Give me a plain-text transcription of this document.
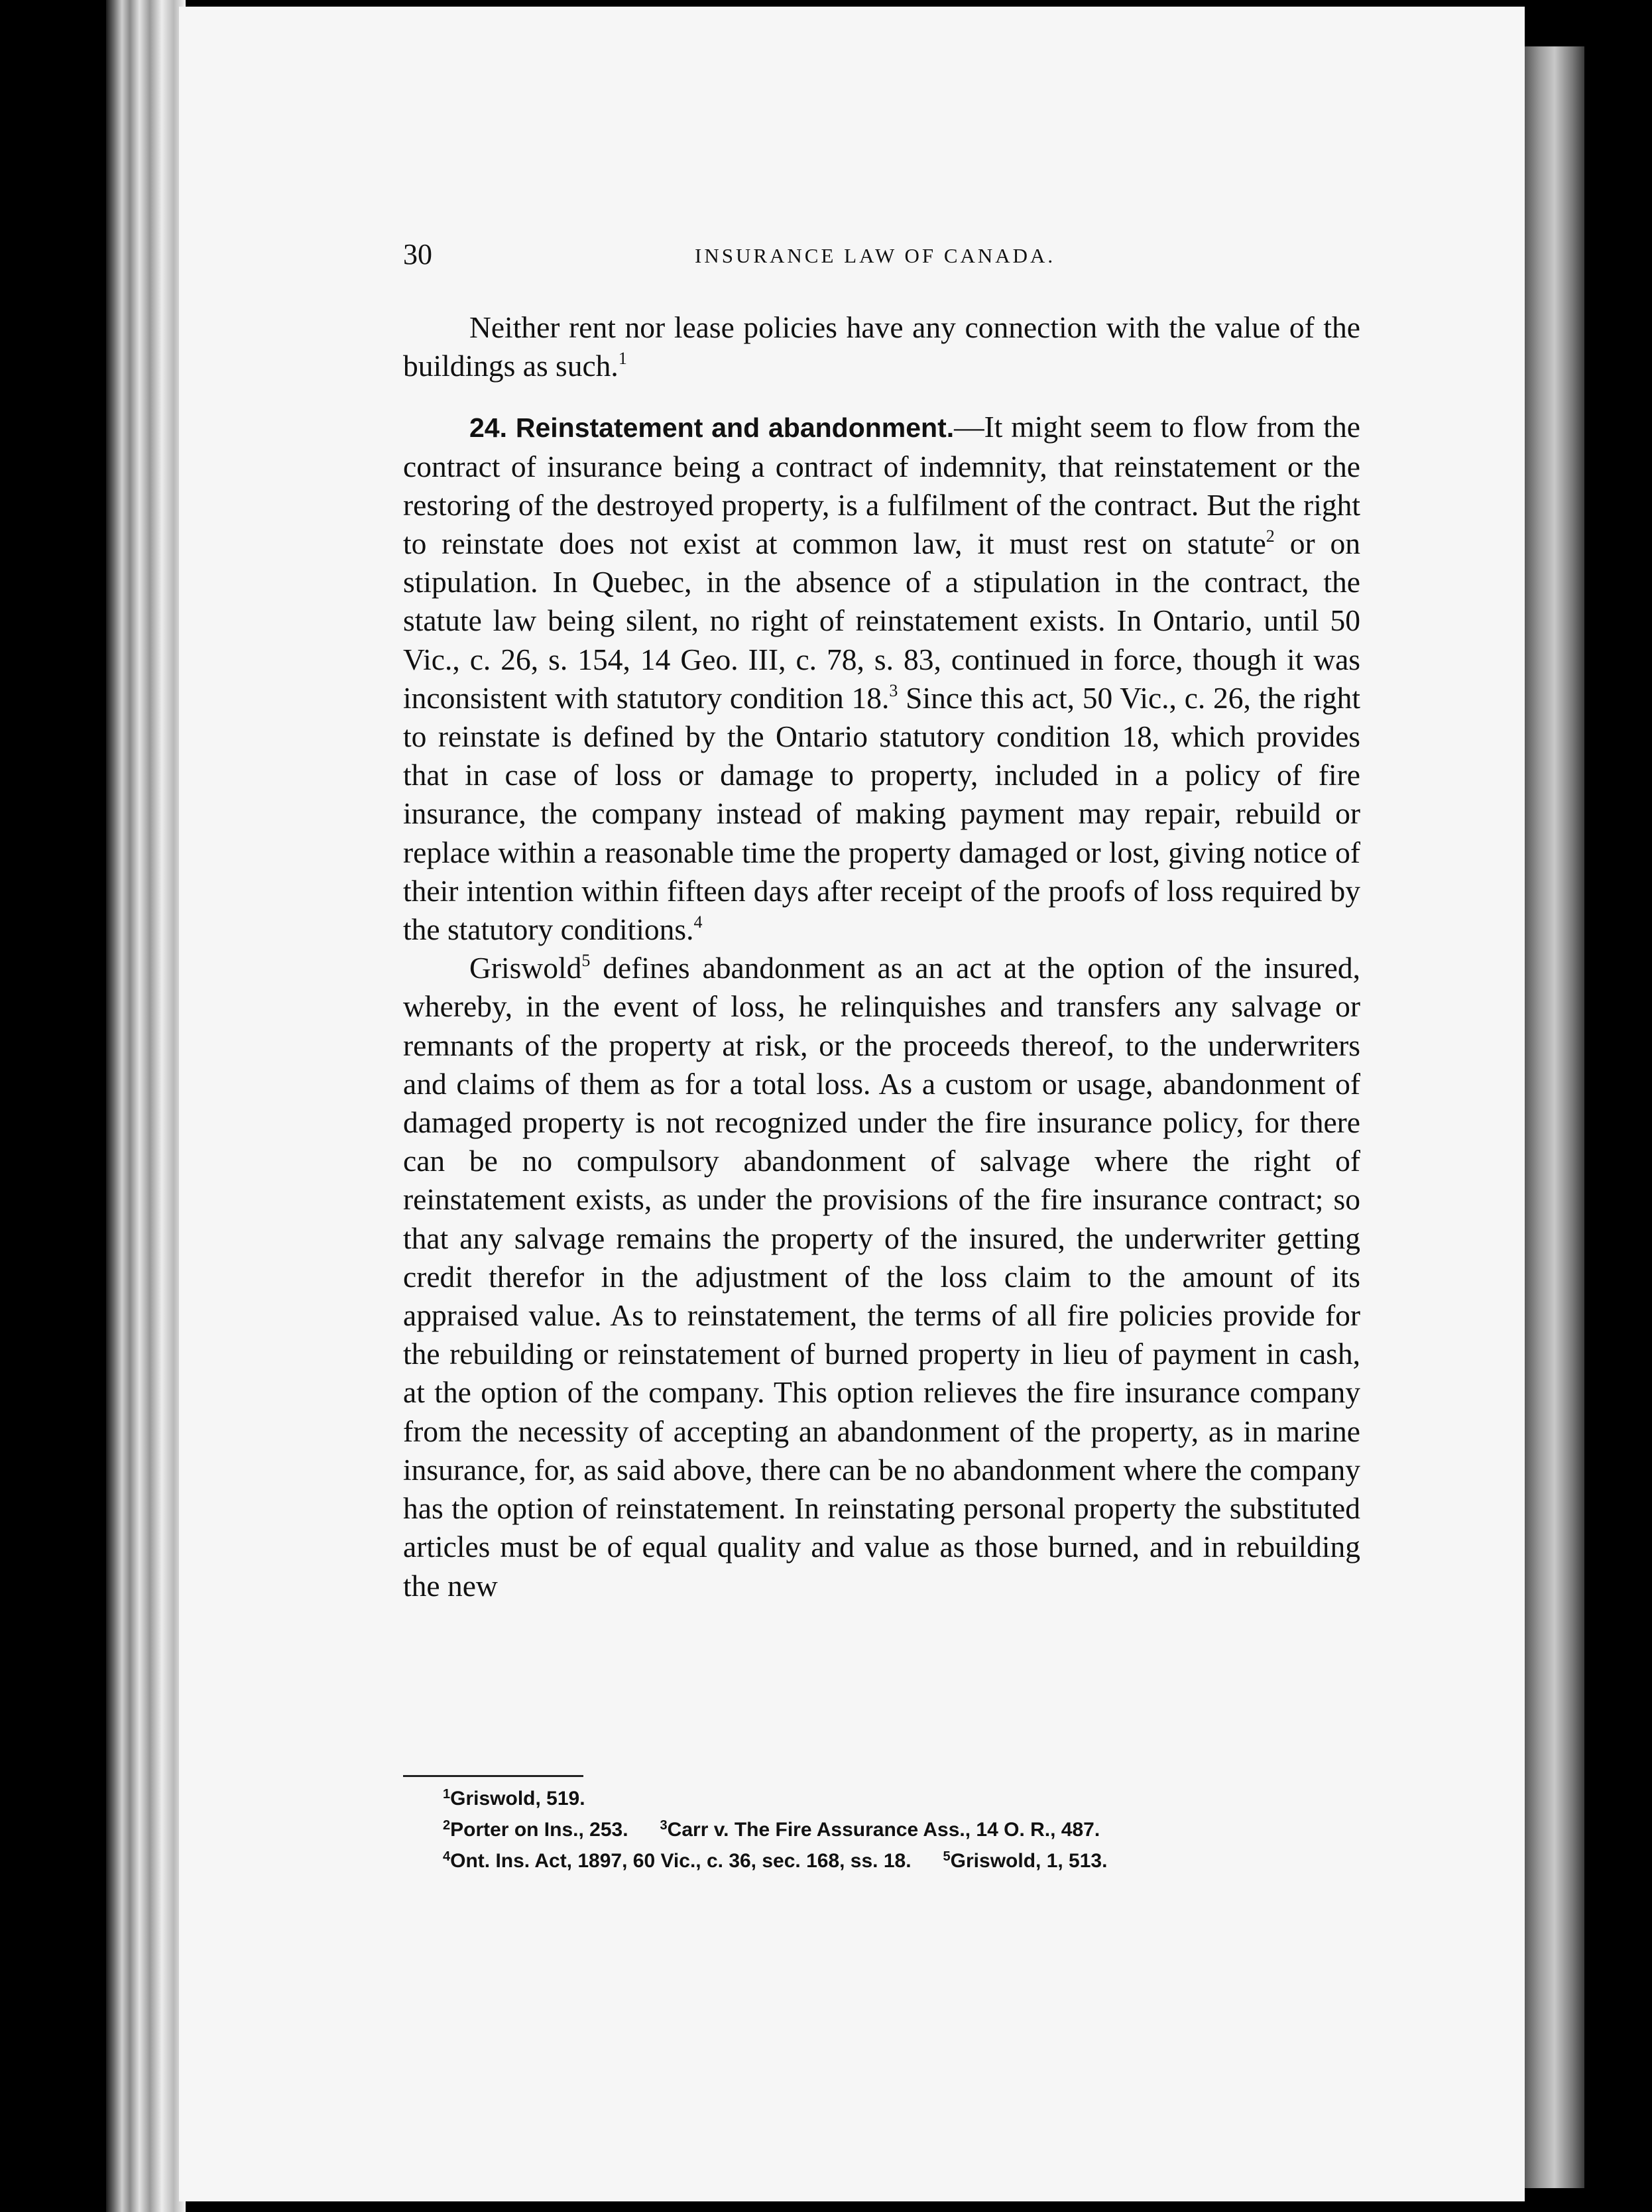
30	INSURANCE LAW OF CANADA.

Neither rent nor lease policies have any connection with the value of the buildings as such.$^1$

24. Reinstatement and abandonment.—It might seem to flow from the contract of insurance being a contract of indemnity, that reinstatement or the restoring of the destroyed property, is a fulfilment of the contract. But the right to reinstate does not exist at common law, it must rest on statute$^2$ or on stipulation. In Quebec, in the absence of a stipulation in the contract, the statute law being silent, no right of reinstatement exists. In Ontario, until 50 Vic., c. 26, s. 154, 14 Geo. III, c. 78, s. 83, continued in force, though it was inconsistent with statutory condition 18.$^3$ Since this act, 50 Vic., c. 26, the right to reinstate is defined by the Ontario statutory condition 18, which provides that in case of loss or damage to property, included in a policy of fire insurance, the company instead of making payment may repair, rebuild or replace within a reasonable time the property damaged or lost, giving notice of their intention within fifteen days after receipt of the proofs of loss required by the statutory conditions.$^4$

Griswold$^5$ defines abandonment as an act at the option of the insured, whereby, in the event of loss, he relinquishes and transfers any salvage or remnants of the property at risk, or the proceeds thereof, to the underwriters and claims of them as for a total loss. As a custom or usage, abandonment of damaged property is not recognized under the fire insurance policy, for there can be no compulsory abandonment of salvage where the right of reinstatement exists, as under the provisions of the fire insurance contract; so that any salvage remains the property of the insured, the underwriter getting credit therefor in the adjustment of the loss claim to the amount of its appraised value. As to reinstatement, the terms of all fire policies provide for the rebuilding or reinstatement of burned property in lieu of payment in cash, at the option of the company. This option relieves the fire insurance company from the necessity of accepting an abandonment of the property, as in marine insurance, for, as said above, there can be no abandonment where the company has the option of reinstatement. In reinstating personal property the substituted articles must be of equal quality and value as those burned, and in rebuilding the new

$^1$Griswold, 519.
$^2$Porter on Ins., 253. $^3$Carr v. The Fire Assurance Ass., 14 O. R., 487.
$^4$Ont. Ins. Act, 1897, 60 Vic., c. 36, sec. 168, ss. 18. $^5$Griswold, 1, 513.
